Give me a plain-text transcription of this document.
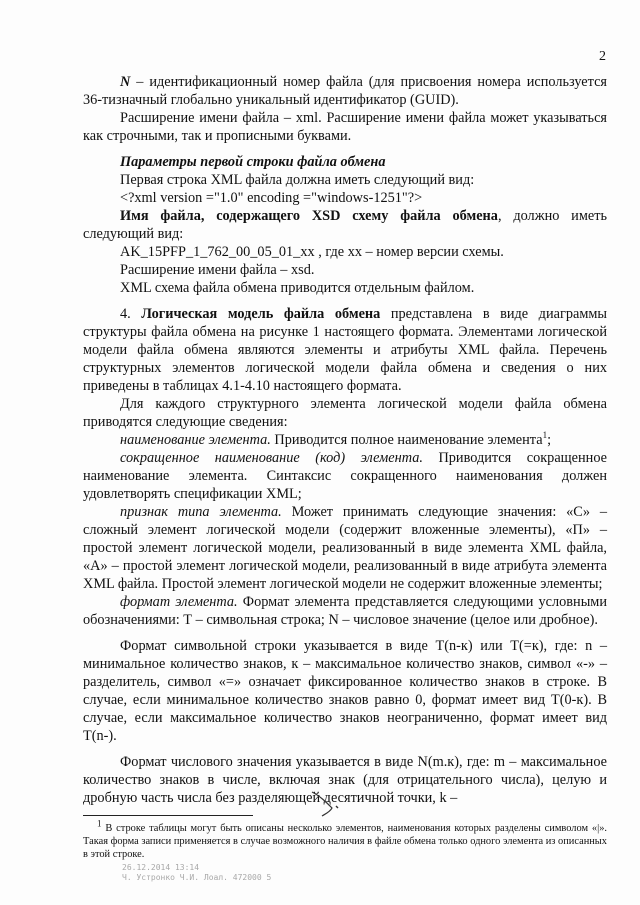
2

N – идентификационный номер файла (для присвоения номера используется 36-тизначный глобально уникальный идентификатор (GUID).

Расширение имени файла – xml. Расширение имени файла может указываться как строчными, так и прописными буквами.

Параметры первой строки файла обмена

Первая строка XML файла должна иметь следующий вид:

<?xml version ="1.0" encoding ="windows-1251"?>

Имя файла, содержащего XSD схему файла обмена, должно иметь следующий вид:

AK_15PFP_1_762_00_05_01_xx , где хх – номер версии схемы.

Расширение имени файла – xsd.

XML схема файла обмена приводится отдельным файлом.

4. Логическая модель файла обмена представлена в виде диаграммы структуры файла обмена на рисунке 1 настоящего формата. Элементами логической модели файла обмена являются элементы и атрибуты XML файла. Перечень структурных элементов логической модели файла обмена и сведения о них приведены в таблицах 4.1-4.10 настоящего формата.

Для каждого структурного элемента логической модели файла обмена приводятся следующие сведения:

наименование элемента. Приводится полное наименование элемента$^1$;

сокращенное наименование (код) элемента. Приводится сокращенное наименование элемента. Синтаксис сокращенного наименования должен удовлетворять спецификации XML;

признак типа элемента. Может принимать следующие значения: «С» – сложный элемент логической модели (содержит вложенные элементы), «П» – простой элемент логической модели, реализованный в виде элемента XML файла, «А» – простой элемент логической модели, реализованный в виде атрибута элемента XML файла. Простой элемент логической модели не содержит вложенные элементы;

формат элемента. Формат элемента представляется следующими условными обозначениями: Т – символьная строка; N – числовое значение (целое или дробное).

Формат символьной строки указывается в виде Т(n-к) или Т(=к), где: n – минимальное количество знаков, к – максимальное количество знаков, символ «-» – разделитель, символ «=» означает фиксированное количество знаков в строке. В случае, если минимальное количество знаков равно 0, формат имеет вид Т(0-к). В случае, если максимальное количество знаков неограниченно, формат имеет вид Т(n-).

Формат числового значения указывается в виде N(m.к), где: m – максимальное количество знаков в числе, включая знак (для отрицательного числа), целую и дробную часть числа без разделяющей десятичной точки, k –

$^1$ В строке таблицы могут быть описаны несколько элементов, наименования которых разделены символом «|». Такая форма записи применяется в случае возможного наличия в файле обмена только одного элемента из описанных в этой строке.
26.12.2014 13:14
Ч. Устронко Ч.И. Лоал. 472000 5
